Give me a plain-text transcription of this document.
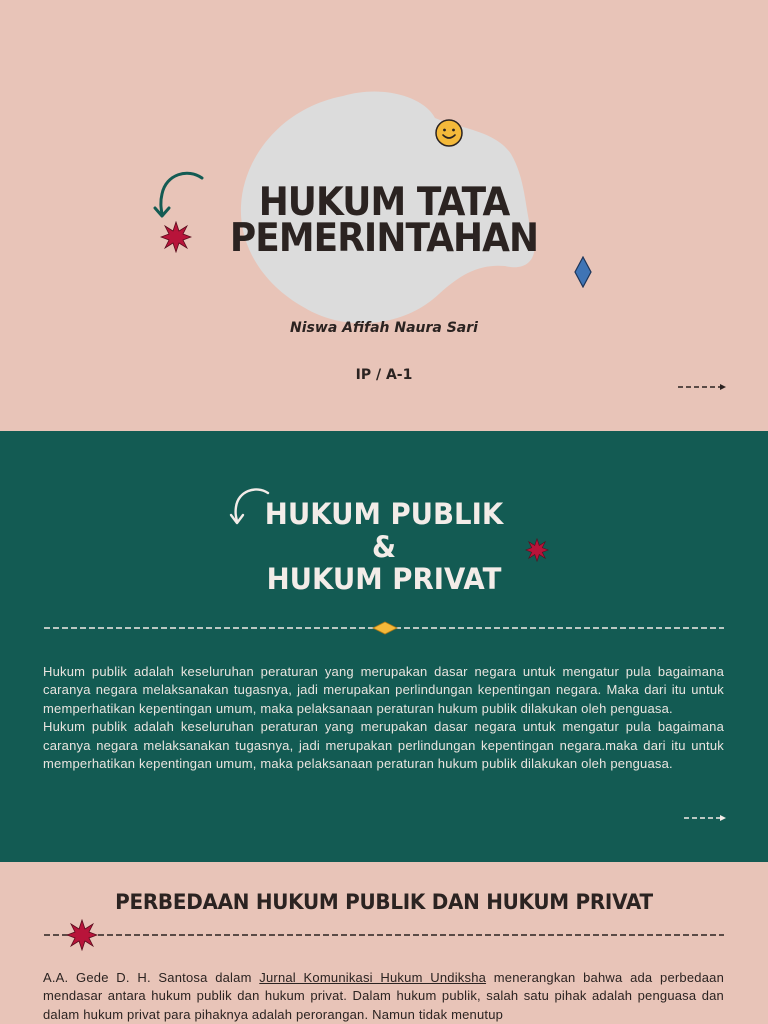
HUKUM TATA
PEMERINTAHAN
Niswa Afifah Naura Sari
IP / A-1
HUKUM PUBLIK
&
HUKUM PRIVAT
Hukum publik adalah keseluruhan peraturan yang merupakan dasar negara untuk mengatur pula bagaimana caranya negara melaksanakan tugasnya, jadi merupakan perlindungan kepentingan negara. Maka dari itu untuk memperhatikan kepentingan umum, maka pelaksanaan peraturan hukum publik dilakukan oleh penguasa.
Hukum publik adalah keseluruhan peraturan yang merupakan dasar negara untuk mengatur pula bagaimana caranya negara melaksanakan tugasnya, jadi merupakan perlindungan kepentingan negara.maka dari itu untuk memperhatikan kepentingan umum, maka pelaksanaan peraturan hukum publik dilakukan oleh penguasa.
PERBEDAAN HUKUM PUBLIK DAN HUKUM PRIVAT
A.A. Gede D. H. Santosa dalam Jurnal Komunikasi Hukum Undiksha menerangkan bahwa ada perbedaan mendasar antara hukum publik dan hukum privat. Dalam hukum publik, salah satu pihak adalah penguasa dan dalam hukum privat para pihaknya adalah perorangan. Namun tidak menutup
